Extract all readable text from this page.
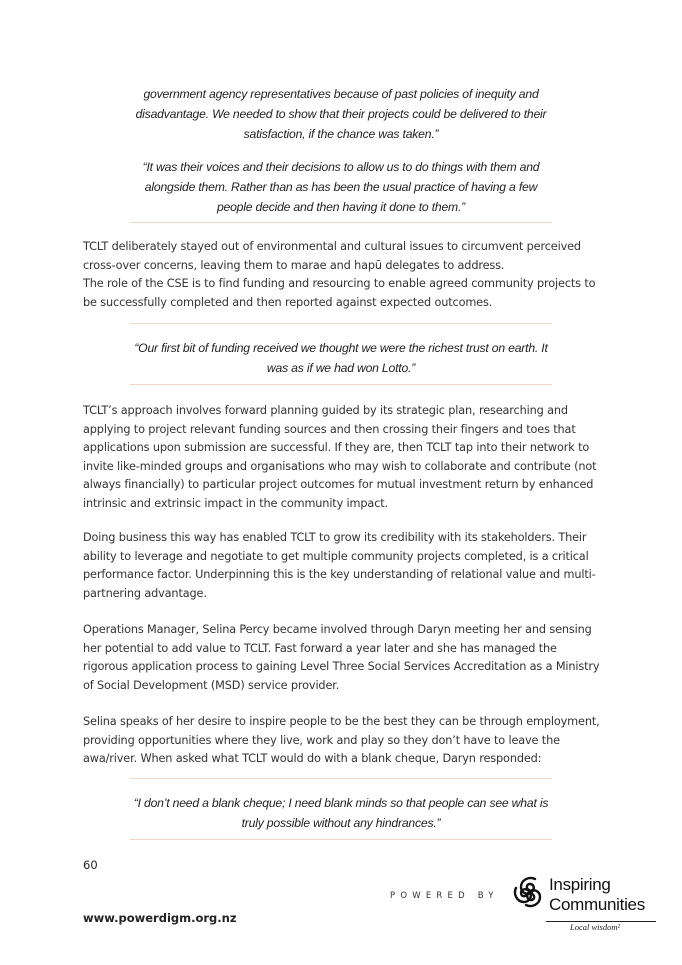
government agency representatives because of past policies of inequity and disadvantage. We needed to show that their projects could be delivered to their satisfaction, if the chance was taken.”
“It was their voices and their decisions to allow us to do things with them and alongside them. Rather than as has been the usual practice of having a few people decide and then having it done to them.”

TCLT deliberately stayed out of environmental and cultural issues to circumvent perceived cross-over concerns, leaving them to marae and hapū delegates to address.

The role of the CSE is to find funding and resourcing to enable agreed community projects to be successfully completed and then reported against expected outcomes.

“Our first bit of funding received we thought we were the richest trust on earth. It was as if we had won Lotto.”
TCLT’s approach involves forward planning guided by its strategic plan, researching and applying to project relevant funding sources and then crossing their fingers and toes that applications upon submission are successful. If they are, then TCLT tap into their network to invite like-minded groups and organisations who may wish to collaborate and contribute (not always financially) to particular project outcomes for mutual investment return by enhanced intrinsic and extrinsic impact in the community impact.
Doing business this way has enabled TCLT to grow its credibility with its stakeholders. Their ability to leverage and negotiate to get multiple community projects completed, is a critical performance factor. Underpinning this is the key understanding of relational value and multi-partnering advantage.
Operations Manager, Selina Percy became involved through Daryn meeting her and sensing her potential to add value to TCLT. Fast forward a year later and she has managed the rigorous application process to gaining Level Three Social Services Accreditation as a Ministry of Social Development (MSD) service provider.
Selina speaks of her desire to inspire people to be the best they can be through employment, providing opportunities where they live, work and play so they don’t have to leave the awa/river. When asked what TCLT would do with a blank cheque, Daryn responded:
“I don’t need a blank cheque; I need blank minds so that people can see what is truly possible without any hindrances.”
60
POWERED BY
www.powerdigm.org.nz
Inspiring
Communities
Local wisdom²
